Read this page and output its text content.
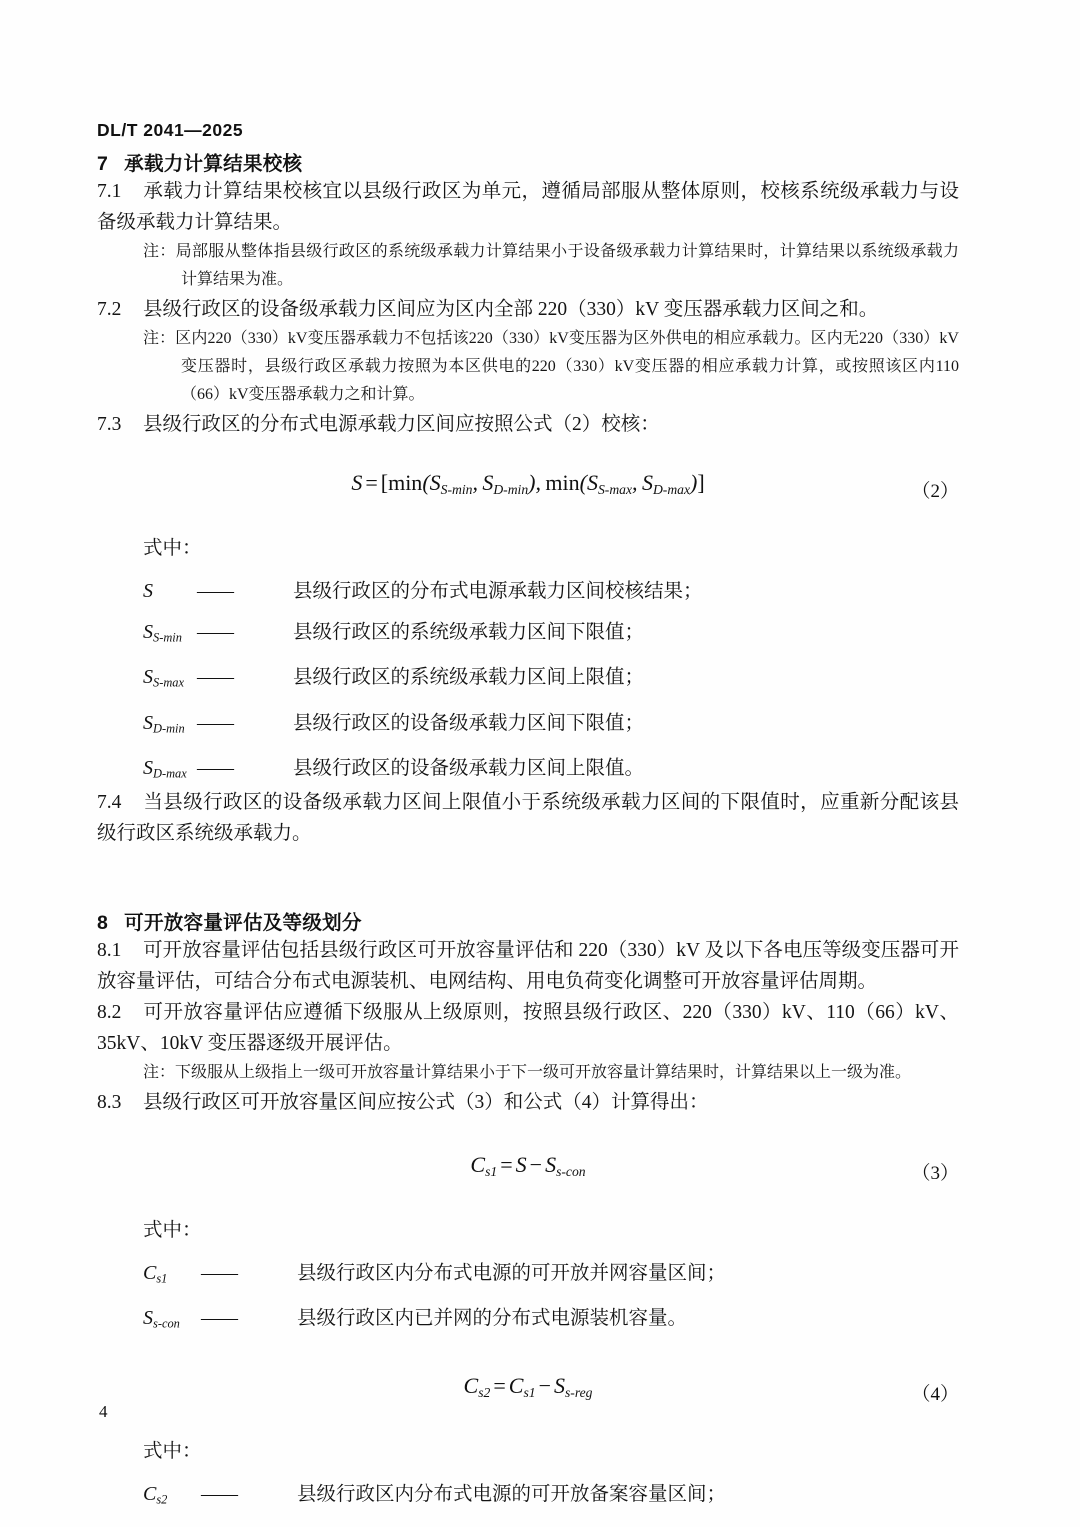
DL/T 2041—2025
7 承载力计算结果校核

7.1 承载力计算结果校核宜以县级行政区为单元，遵循局部服从整体原则，校核系统级承载力与设备级承载力计算结果。

注：局部服从整体指县级行政区的系统级承载力计算结果小于设备级承载力计算结果时，计算结果以系统级承载力计算结果为准。

7.2 县级行政区的设备级承载力区间应为区内全部 220（330）kV 变压器承载力区间之和。

注：区内220（330）kV变压器承载力不包括该220（330）kV变压器为区外供电的相应承载力。区内无220（330）kV变压器时，县级行政区承载力按照为本区供电的220（330）kV变压器的相应承载力计算，或按照该区内110（66）kV变压器承载力之和计算。

7.3 县级行政区的分布式电源承载力区间应按照公式（2）校核：

$S = [\min(S_{S-min}$, $S_{D-min}$), $\min(S_{S-max}$, $S_{D-max}$)]	（2）

式中：

S	——	县级行政区的分布式电源承载力区间校核结果；
$S_{S-min}$ ——	县级行政区的系统级承载力区间下限值；
$S_{S-max}$ ——	县级行政区的系统级承载力区间上限值；
$S_{D-min}$ ——	县级行政区的设备级承载力区间下限值；
$S_{D-max}$ ——	县级行政区的设备级承载力区间上限值。

7.4 当县级行政区的设备级承载力区间上限值小于系统级承载力区间的下限值时，应重新分配该县级行政区系统级承载力。

8 可开放容量评估及等级划分

8.1 可开放容量评估包括县级行政区可开放容量评估和 220（330）kV 及以下各电压等级变压器可开放容量评估，可结合分布式电源装机、电网结构、用电负荷变化调整可开放容量评估周期。

8.2 可开放容量评估应遵循下级服从上级原则，按照县级行政区、220（330）kV、110（66）kV、35kV、10kV 变压器逐级开展评估。

注：下级服从上级指上一级可开放容量计算结果小于下一级可开放容量计算结果时，计算结果以上一级为准。

8.3 县级行政区可开放容量区间应按公式（3）和公式（4）计算得出：

$C_{s1} = S - S_{s-con}$	（3）

式中：

$C_{s1}$	——	县级行政区内分布式电源的可开放并网容量区间；
$S_{s-con}$	——	县级行政区内已并网的分布式电源装机容量。
$C_{s2} = C_{s1} - S_{s-reg}$	（4）

式中：

$C_{s2}$	——	县级行政区内分布式电源的可开放备案容量区间；
4
